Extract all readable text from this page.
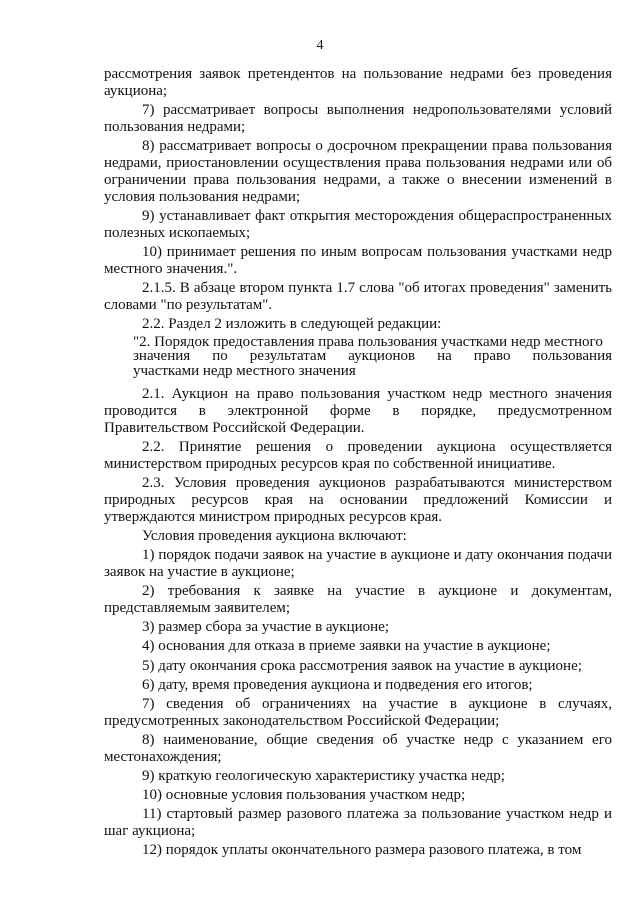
4

рассмотрения заявок претендентов на пользование недрами без проведения аукциона;

7) рассматривает вопросы выполнения недропользователями условий пользования недрами;

8) рассматривает вопросы о досрочном прекращении права пользования недрами, приостановлении осуществления права пользования недрами или об ограничении права пользования недрами, а также о внесении изменений в условия пользования недрами;

9) устанавливает факт открытия месторождения общераспространенных полезных ископаемых;

10) принимает решения по иным вопросам пользования участками недр местного значения.".

2.1.5. В абзаце втором пункта 1.7 слова "об итогах проведения" заменить словами "по результатам".

2.2. Раздел 2 изложить в следующей редакции:

"2. Порядок предоставления права пользования участками недр местного
значения по результатам аукционов на право пользования
участками недр местного значения

2.1. Аукцион на право пользования участком недр местного значения проводится в электронной форме в порядке, предусмотренном Правительством Российской Федерации.

2.2. Принятие решения о проведении аукциона осуществляется министерством природных ресурсов края по собственной инициативе.

2.3. Условия проведения аукционов разрабатываются министерством природных ресурсов края на основании предложений Комиссии и утверждаются министром природных ресурсов края.

Условия проведения аукциона включают:

1) порядок подачи заявок на участие в аукционе и дату окончания подачи заявок на участие в аукционе;

2) требования к заявке на участие в аукционе и документам, представляемым заявителем;

3) размер сбора за участие в аукционе;

4) основания для отказа в приеме заявки на участие в аукционе;

5) дату окончания срока рассмотрения заявок на участие в аукционе;

6) дату, время проведения аукциона и подведения его итогов;

7) сведения об ограничениях на участие в аукционе в случаях, предусмотренных законодательством Российской Федерации;

8) наименование, общие сведения об участке недр с указанием его местонахождения;

9) краткую геологическую характеристику участка недр;

10) основные условия пользования участком недр;

11) стартовый размер разового платежа за пользование участком недр и шаг аукциона;

12) порядок уплаты окончательного размера разового платежа, в том
